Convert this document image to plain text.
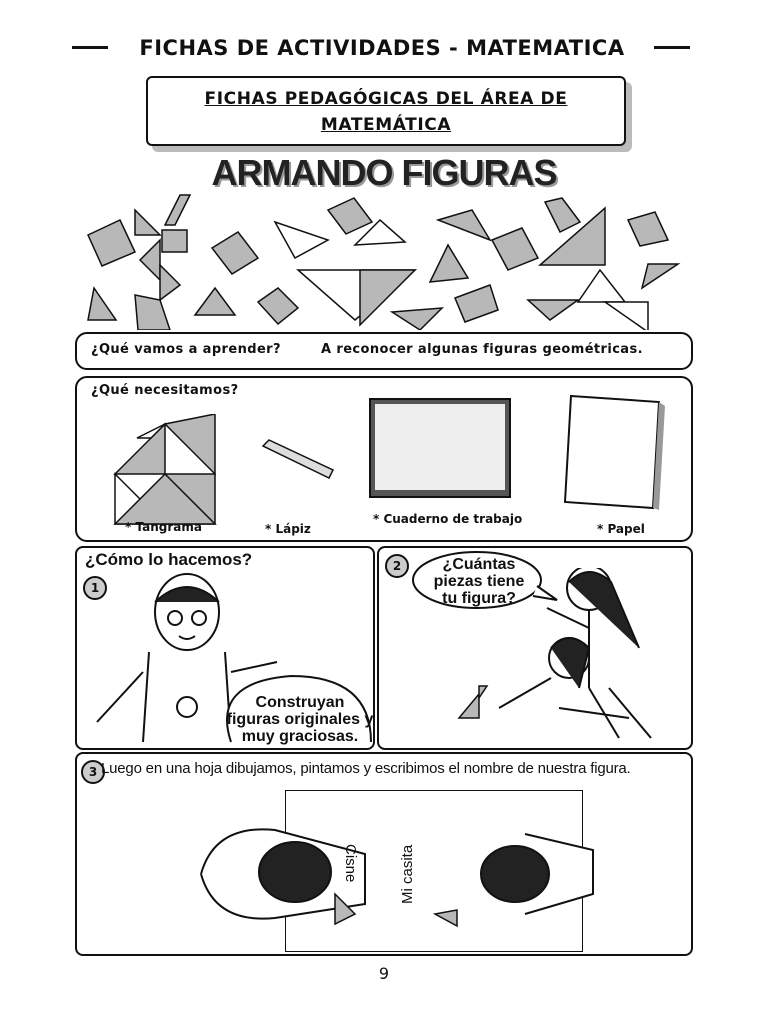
FICHAS DE ACTIVIDADES - MATEMATICA
FICHAS PEDAGÓGICAS DEL ÁREA DE
MATEMÁTICA
ARMANDO FIGURAS
¿Qué vamos a aprender?	A reconocer algunas figuras geométricas.
¿Qué necesitamos?
* Tangrama	* Lápiz
* Cuaderno de trabajo
* Papel
¿Cómo lo hacemos?
1
Construyan
figuras originales y
muy graciosas.
2	¿Cuántas
piezas tiene
tu figura?
3 Luego en una hoja dibujamos, pintamos y escribimos el nombre de nuestra figura.
Cisne	Mi casita
9
